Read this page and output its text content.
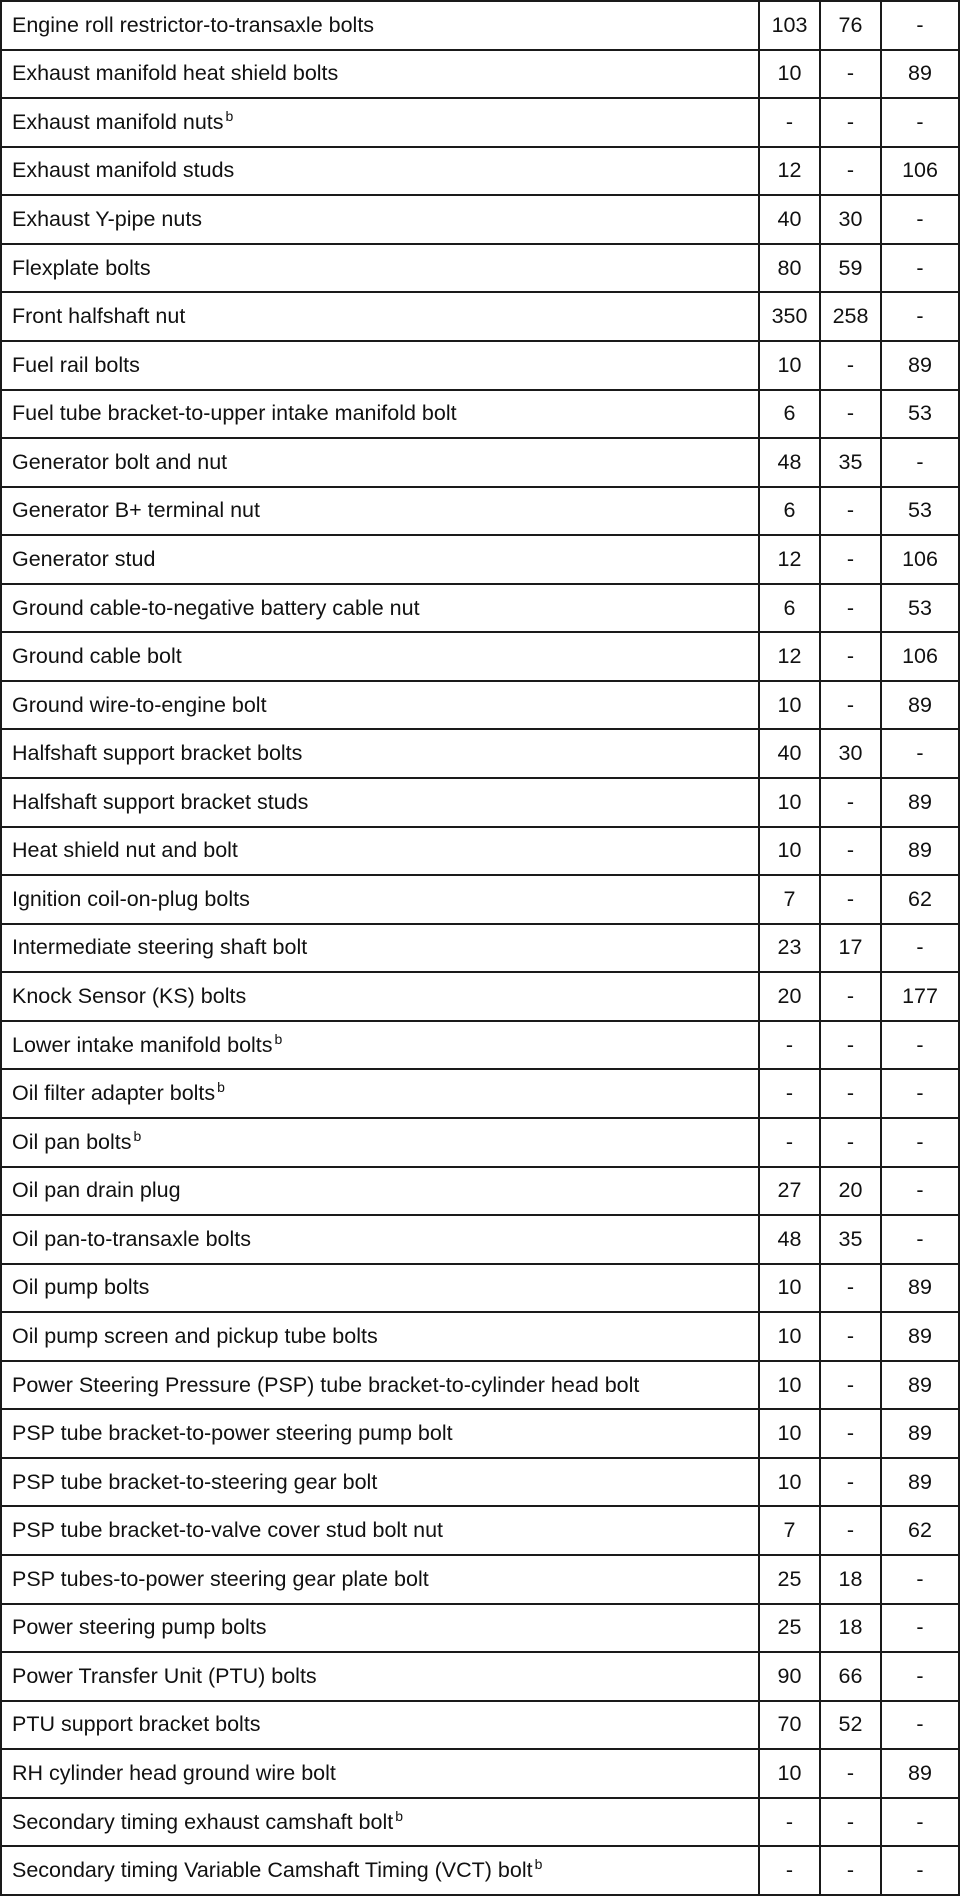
Engine roll restrictor-to-transaxle bolts	103	76	-
Exhaust manifold heat shield bolts	10	-	89
Exhaust manifold nuts $^b$	-	-	-
Exhaust manifold studs	12	-	106
Exhaust Y-pipe nuts	40	30	-
Flexplate bolts	80	59	-
Front halfshaft nut	350	258	-
Fuel rail bolts	10	-	89
Fuel tube bracket-to-upper intake manifold bolt	6	-	53
Generator bolt and nut	48	35	-
Generator B+ terminal nut	6	-	53
Generator stud	12	-	106
Ground cable-to-negative battery cable nut	6	-	53
Ground cable bolt	12	-	106
Ground wire-to-engine bolt	10	-	89
Halfshaft support bracket bolts	40	30	-
Halfshaft support bracket studs	10	-	89
Heat shield nut and bolt	10	-	89
Ignition coil-on-plug bolts	7	-	62
Intermediate steering shaft bolt	23	17	-
Knock Sensor (KS) bolts	20	-	177
Lower intake manifold bolts $^b$	-	-	-
Oil filter adapter bolts $^b$	-	-	-
Oil pan bolts $^b$	-	-	-
Oil pan drain plug	27	20	-
Oil pan-to-transaxle bolts	48	35	-
Oil pump bolts	10	-	89
Oil pump screen and pickup tube bolts	10	-	89
Power Steering Pressure (PSP) tube bracket-to-cylinder head bolt	10	-	89
PSP tube bracket-to-power steering pump bolt	10	-	89
PSP tube bracket-to-steering gear bolt	10	-	89
PSP tube bracket-to-valve cover stud bolt nut	7	-	62
PSP tubes-to-power steering gear plate bolt	25	18	-
Power steering pump bolts	25	18	-
Power Transfer Unit (PTU) bolts	90	66	-
PTU support bracket bolts	70	52	-
RH cylinder head ground wire bolt	10	-	89
Secondary timing exhaust camshaft bolt $^b$	-	-	-
Secondary timing Variable Camshaft Timing (VCT) bolt $^b$	-	-	-
